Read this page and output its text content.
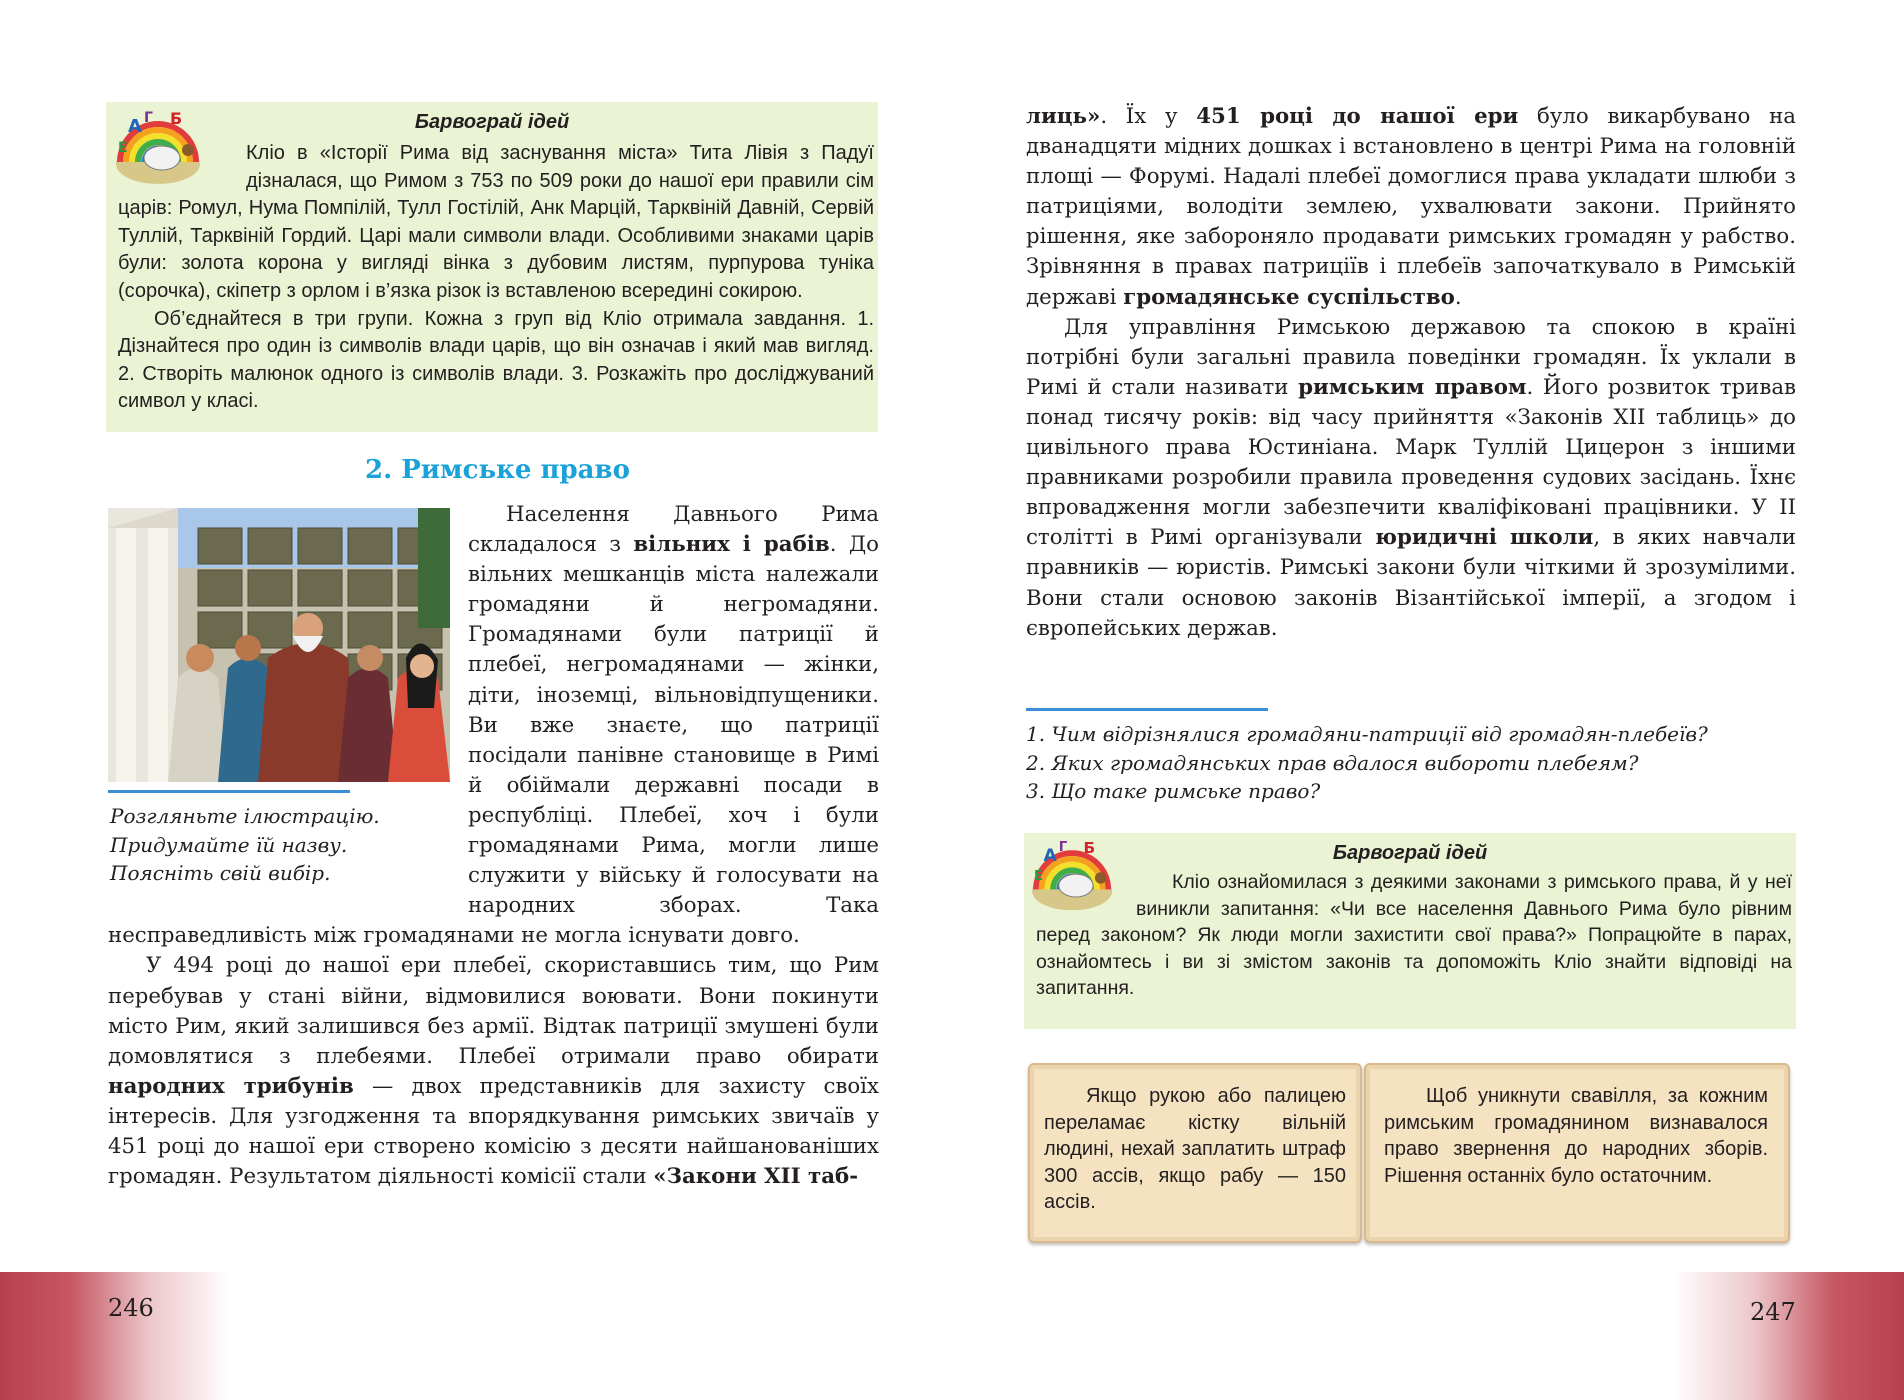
Барвограй ідей

Кліо в «Історії Рима від заснування міста» Тита Лівія з Падуї дізналася, що Римом з 753 по 509 роки до нашої ери правили сім царів: Ромул, Нума Помпілій, Тулл Гостілій, Анк Марцій, Тарквіній Давній, Сервій Туллій, Тарквіній Гордий. Царі мали символи влади. Особливими знаками царів були: золота корона у вигляді вінка з дубовим листям, пурпурова туніка (сорочка), скіпетр з орлом і в’язка різок із вставленою всередині сокирою.

Об’єднайтеся в три групи. Кожна з груп від Кліо отримала завдання. 1. Дізнайтеся про один із символів влади царів, що він означав і який мав вигляд. 2. Створіть малюнок одного із символів влади. 3. Розкажіть про досліджуваний символ у класі.

A Б
E
Г
2. Римське право
Розгляньте ілюстрацію.
Придумайте їй назву.
Поясніть свій вибір.

Населення Давнього Рима складалося з вільних і рабів. До вільних мешканців міста належали громадяни й негромадяни. Громадянами були патриції й плебеї, негромадянами — жінки, діти, іноземці, вільновідпущеники. Ви вже знаєте, що патриції посідали панівне становище в Римі й обіймали державні посади в республіці. Плебеї, хоч і були громадянами Рима, могли лише служити у війську й голосувати на народних зборах. Така несправедливість між громадянами не могла існувати довго.

У 494 році до нашої ери плебеї, скориставшись тим, що Рим перебував у стані війни, відмовилися воювати. Вони покинути місто Рим, який залишився без армії. Відтак патриції змушені були домовлятися з плебеями. Плебеї отримали право обирати народних трибунів — двох представників для захисту своїх інтересів. Для узгодження та впорядкування римських звичаїв у 451 році до нашої ери створено комісію з десяти найшанованіших громадян. Результатом діяльності комісії стали «Закони XII таб-

лиць». Їх у 451 році до нашої ери було викарбувано на дванадцяти мідних дошках і встановлено в центрі Рима на головній площі — Форумі. Надалі плебеї домоглися права укладати шлюби з патриціями, володіти землею, ухвалювати закони. Прийнято рішення, яке забороняло продавати римських громадян у рабство. Зрівняння в правах патриціїв і плебеїв започаткувало в Римській державі громадянське суспільство.

Для управління Римською державою та спокою в країні потрібні були загальні правила поведінки громадян. Їх уклали в Римі й стали називати римським правом. Його розвиток тривав понад тисячу років: від часу прийняття «Законів XII таблиць» до цивільного права Юстиніана. Марк Туллій Цицерон з іншими правниками розробили правила проведення судових засідань. Їхнє впровадження могли забезпечити кваліфіковані працівники. У II столітті в Римі організували юридичні школи, в яких навчали правників — юристів. Римські закони були чіткими й зрозумілими. Вони стали основою законів Візантійської імперії, а згодом і європейських держав.

1. Чим відрізнялися громадяни-патриції від громадян-плебеїв?
2. Яких громадянських прав вдалося вибороти плебеям?
3. Що таке римське право?
Барвограй ідей

Кліо ознайомилася з деякими законами з римського права, й у неї виникли запитання: «Чи все населення Давнього Рима було рівним перед законом? Як люди могли захистити свої права?» Попрацюйте в парах, ознайомтесь і ви зі змістом законів та допоможіть Кліо знайти відповіді на запитання.

A Б
E
Г

Якщо рукою або палицею переламає кістку вільній людині, нехай заплатить штраф 300 ассів, якщо рабу — 150 ассів.

Щоб уникнути свавілля, за кожним римським громадянином визнавалося право звернення до народних зборів. Рішення останніх було остаточним.

246	247
